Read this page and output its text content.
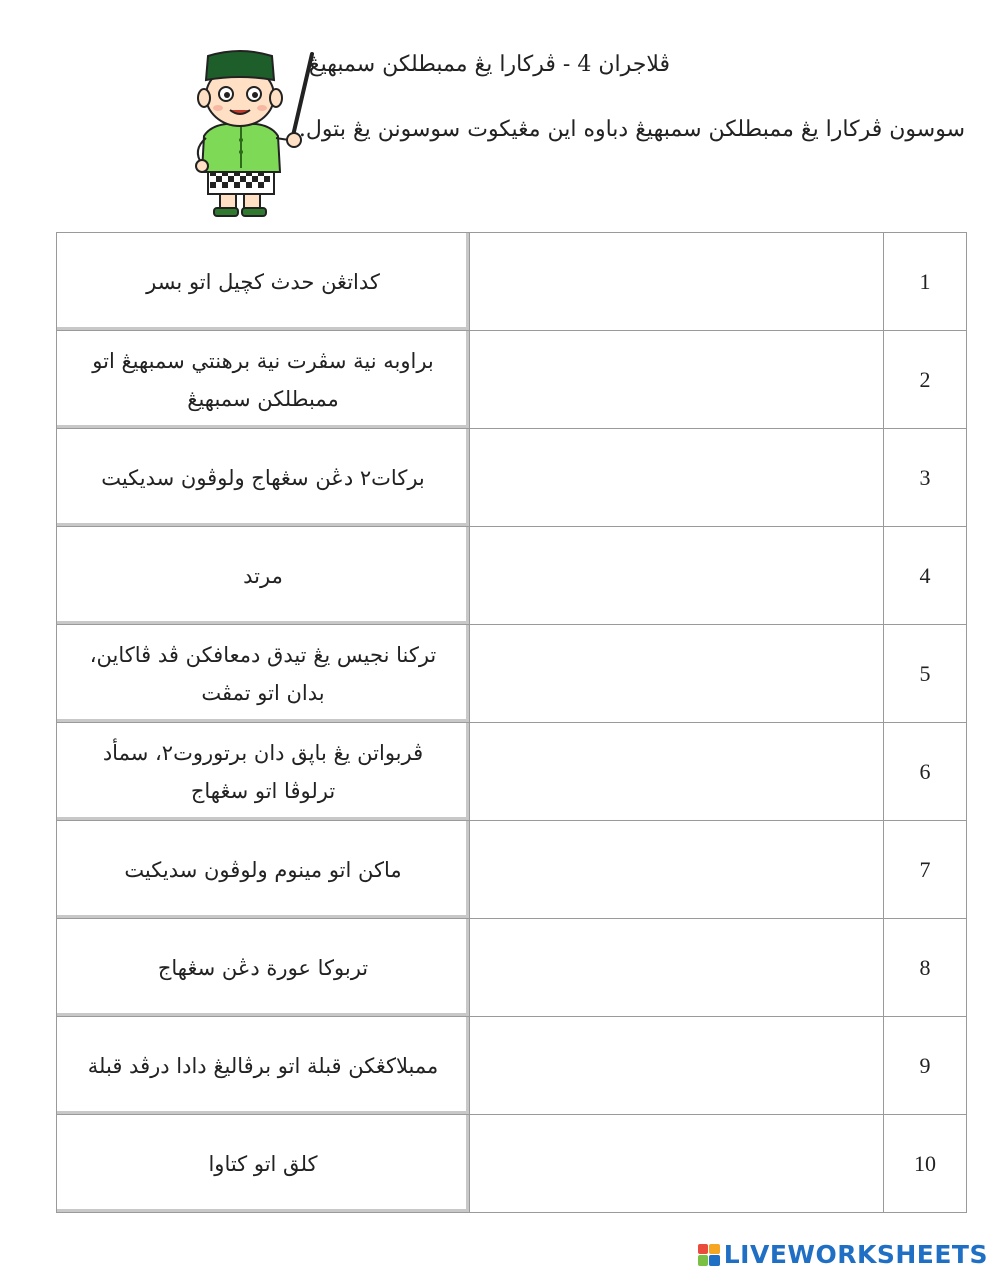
ڤلاجران 4 - ڤركارا يڠ ممبطلكن سمبهيڠ
سوسون ڤركارا يڠ ممبطلكن سمبهيڠ دباوه اين مڠيكوت سوسونن يڠ بتول.
كداتڠن حدث كچيل اتو بسر		1
براوبه نية سڤرت نية برهنتي سمبهيڠ اتو ممبطلكن سمبهيڠ		2
بركات٢ دڠن سڠهاج ولوڤون سديكيت		3
مرتد		4
تركنا نجيس يڠ تيدق دمعافكن ڤد ڤاكاين، بدان اتو تمڤت		5
ڤربواتن يڠ باپق دان برتوروت٢، سمأد ترلوڤا اتو سڠهاج		6
ماكن اتو مينوم ولوڤون سديكيت		7
تربوكا عورة دڠن سڠهاج		8
ممبلاكڠكن قبلة اتو برڤاليڠ دادا درڤد قبلة		9
كلق اتو كتاوا		10
LIVEWORKSHEETS
